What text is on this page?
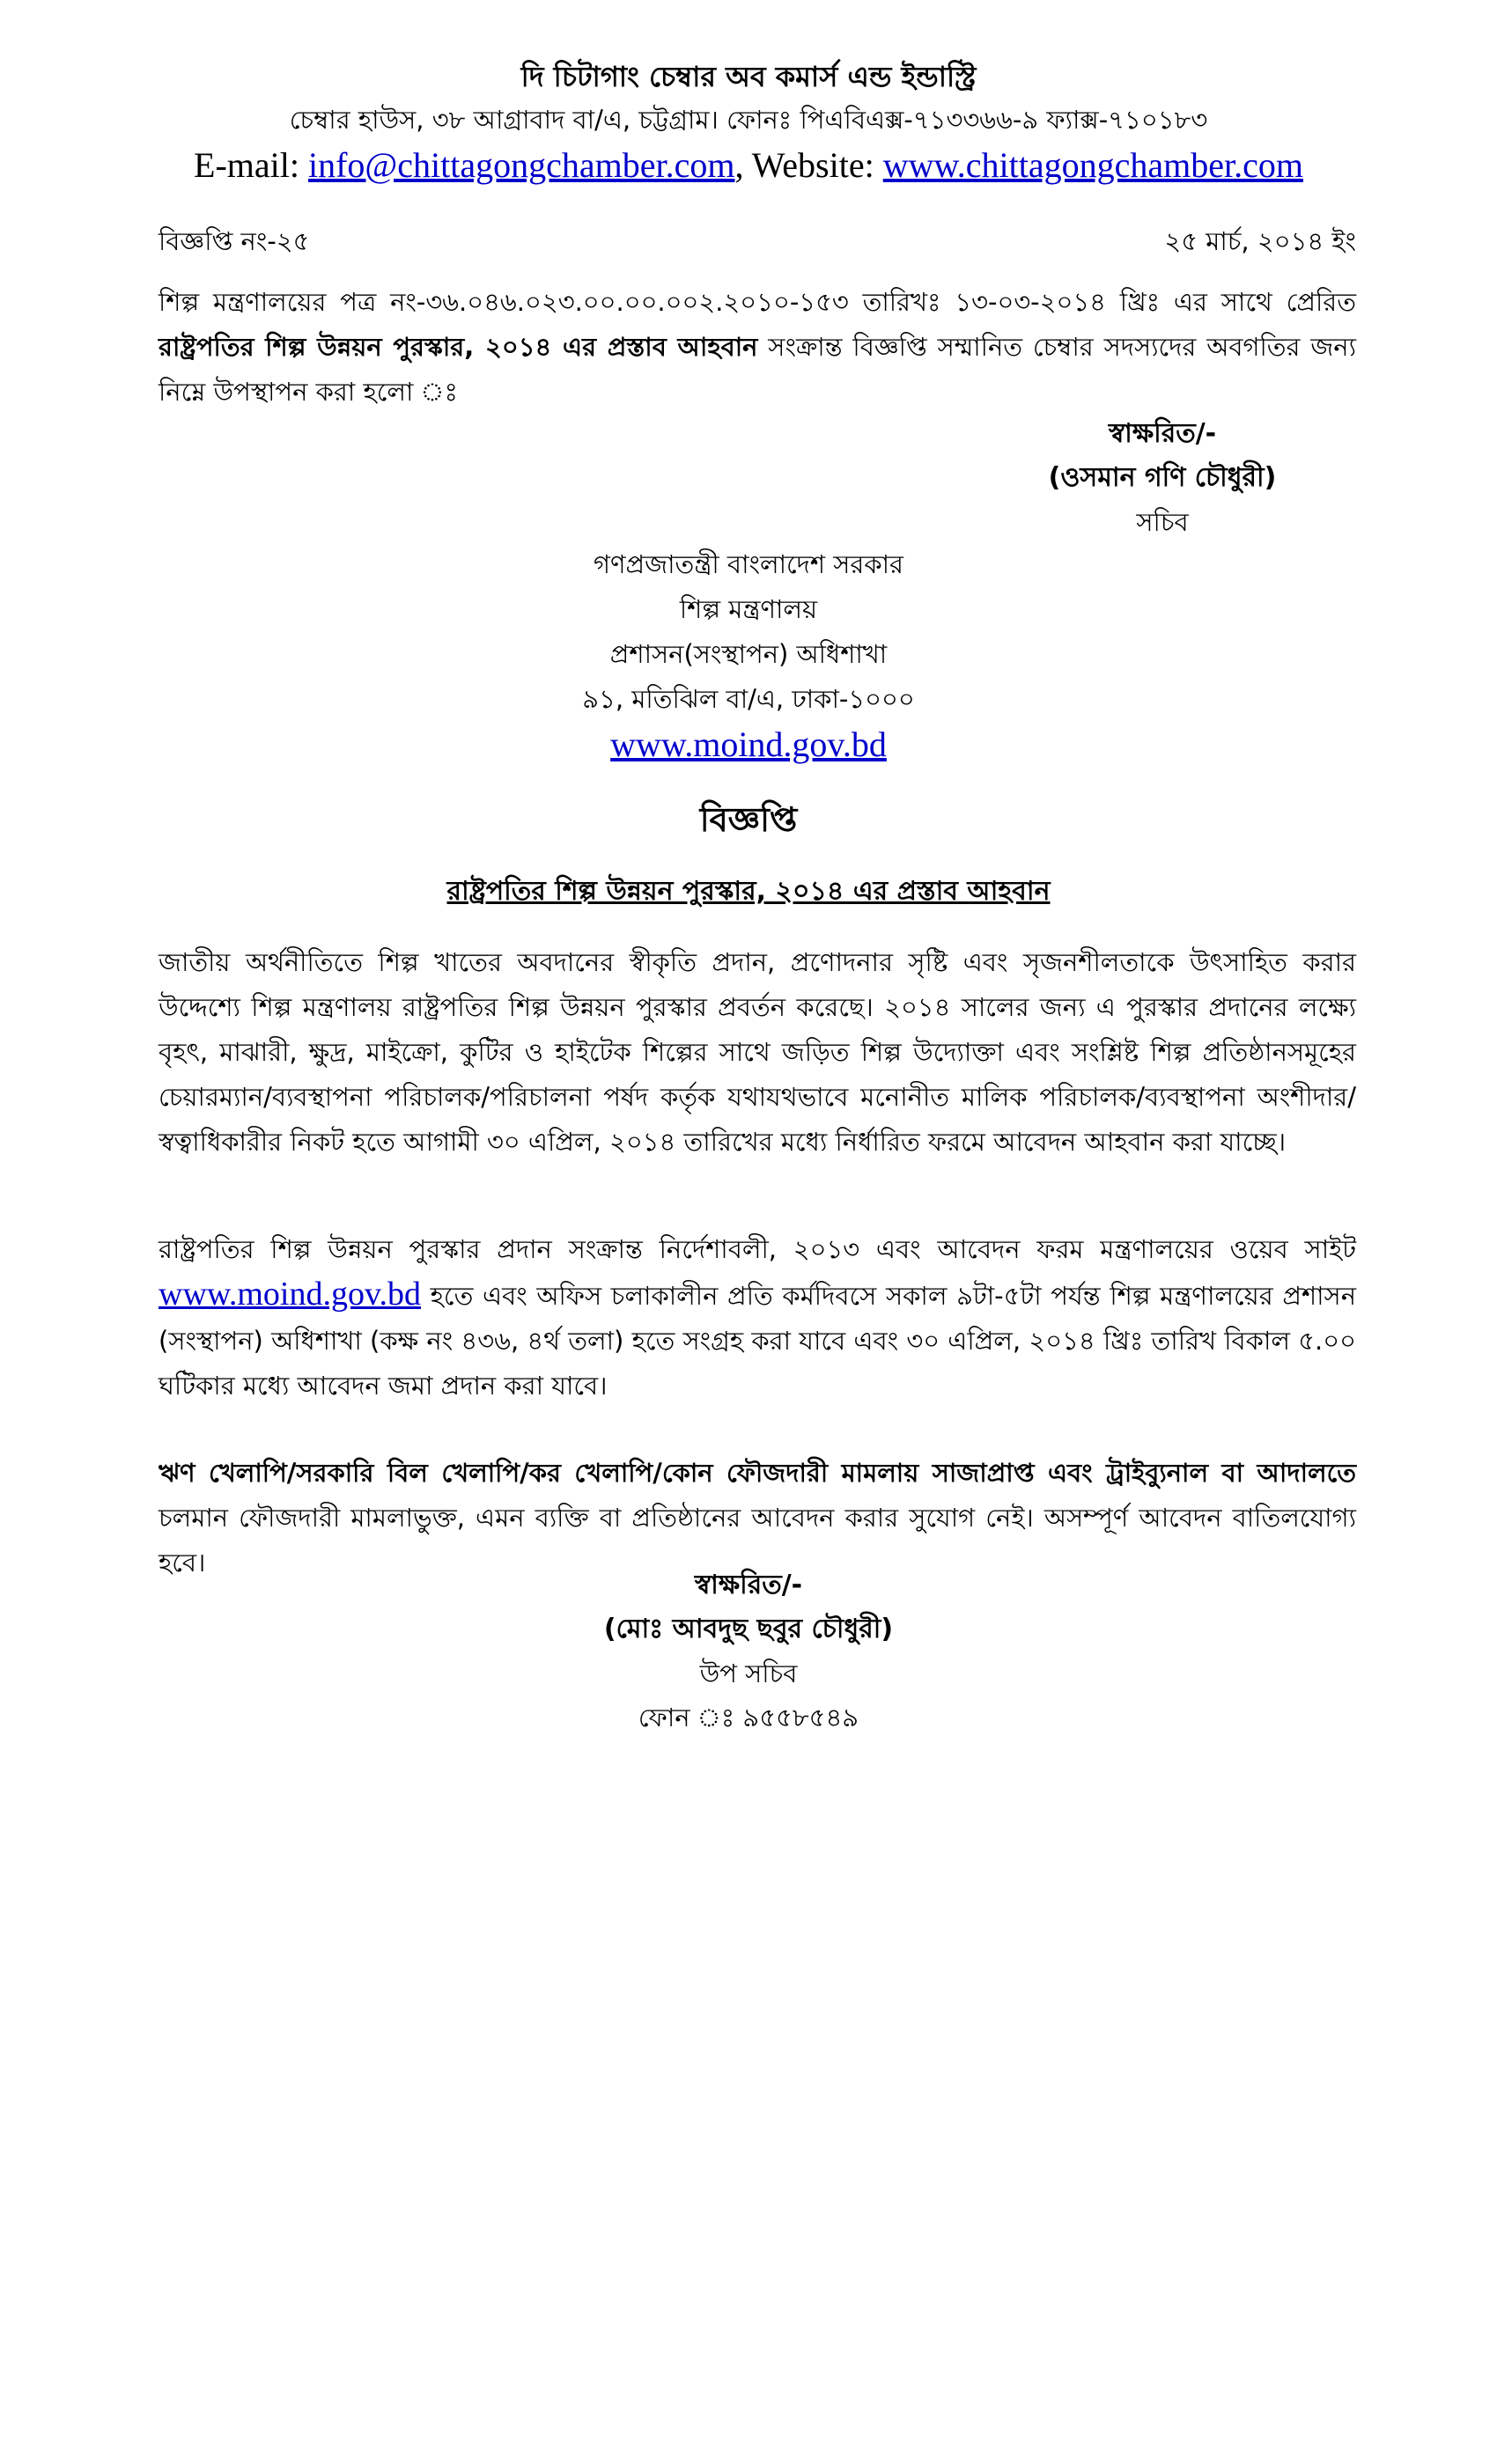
দি চিটাগাং চেম্বার অব কমার্স এন্ড ইন্ডাস্ট্রি
চেম্বার হাউস, ৩৮ আগ্রাবাদ বা/এ, চট্টগ্রাম। ফোনঃ পিএবিএক্স-৭১৩৩৬৬-৯ ফ্যাক্স-৭১০১৮৩
E-mail: info@chittagongchamber.com, Website: www.chittagongchamber.com
বিজ্ঞপ্তি নং-২৫	২৫ মার্চ, ২০১৪ ইং
শিল্প মন্ত্রণালয়ের পত্র নং-৩৬.০৪৬.০২৩.০০.০০.০০২.২০১০-১৫৩ তারিখঃ ১৩-০৩-২০১৪ খ্রিঃ এর সাথে প্রেরিত রাষ্ট্রপতির শিল্প উন্নয়ন পুরস্কার, ২০১৪ এর প্রস্তাব আহবান সংক্রান্ত বিজ্ঞপ্তি সম্মানিত চেম্বার সদস্যদের অবগতির জন্য নিম্নে উপস্থাপন করা হলো ঃ
স্বাক্ষরিত/-
(ওসমান গণি চৌধুরী)
সচিব
গণপ্রজাতন্ত্রী বাংলাদেশ সরকার
শিল্প মন্ত্রণালয়
প্রশাসন(সংস্থাপন) অধিশাখা
৯১, মতিঝিল বা/এ, ঢাকা-১০০০
www.moind.gov.bd
বিজ্ঞপ্তি
রাষ্ট্রপতির শিল্প উন্নয়ন পুরস্কার, ২০১৪ এর প্রস্তাব আহবান
জাতীয় অর্থনীতিতে শিল্প খাতের অবদানের স্বীকৃতি প্রদান, প্রণোদনার সৃষ্টি এবং সৃজনশীলতাকে উৎসাহিত করার উদ্দেশ্যে শিল্প মন্ত্রণালয় রাষ্ট্রপতির শিল্প উন্নয়ন পুরস্কার প্রবর্তন করেছে। ২০১৪ সালের জন্য এ পুরস্কার প্রদানের লক্ষ্যে বৃহৎ, মাঝারী, ক্ষুদ্র, মাইক্রো, কুটির ও হাইটেক শিল্পের সাথে জড়িত শিল্প উদ্যোক্তা এবং সংশ্লিষ্ট শিল্প প্রতিষ্ঠানসমূহের চেয়ারম্যান/ব্যবস্থাপনা পরিচালক/পরিচালনা পর্ষদ কর্তৃক যথাযথভাবে মনোনীত মালিক পরিচালক/ব্যবস্থাপনা অংশীদার/স্বত্বাধিকারীর নিকট হতে আগামী ৩০ এপ্রিল, ২০১৪ তারিখের মধ্যে নির্ধারিত ফরমে আবেদন আহবান করা যাচ্ছে।
রাষ্ট্রপতির শিল্প উন্নয়ন পুরস্কার প্রদান সংক্রান্ত নির্দেশাবলী, ২০১৩ এবং আবেদন ফরম মন্ত্রণালয়ের ওয়েব সাইট www.moind.gov.bd হতে এবং অফিস চলাকালীন প্রতি কর্মদিবসে সকাল ৯টা-৫টা পর্যন্ত শিল্প মন্ত্রণালয়ের প্রশাসন (সংস্থাপন) অধিশাখা (কক্ষ নং ৪৩৬, ৪র্থ তলা) হতে সংগ্রহ করা যাবে এবং ৩০ এপ্রিল, ২০১৪ খ্রিঃ তারিখ বিকাল ৫.০০ ঘটিকার মধ্যে আবেদন জমা প্রদান করা যাবে।
ঋণ খেলাপি/সরকারি বিল খেলাপি/কর খেলাপি/কোন ফৌজদারী মামলায় সাজাপ্রাপ্ত এবং ট্রাইব্যুনাল বা আদালতে চলমান ফৌজদারী মামলাভুক্ত, এমন ব্যক্তি বা প্রতিষ্ঠানের আবেদন করার সুযোগ নেই। অসম্পূর্ণ আবেদন বাতিলযোগ্য হবে।
স্বাক্ষরিত/-
(মোঃ আবদুছ ছবুর চৌধুরী)
উপ সচিব
ফোন ঃ ৯৫৫৮৫৪৯
